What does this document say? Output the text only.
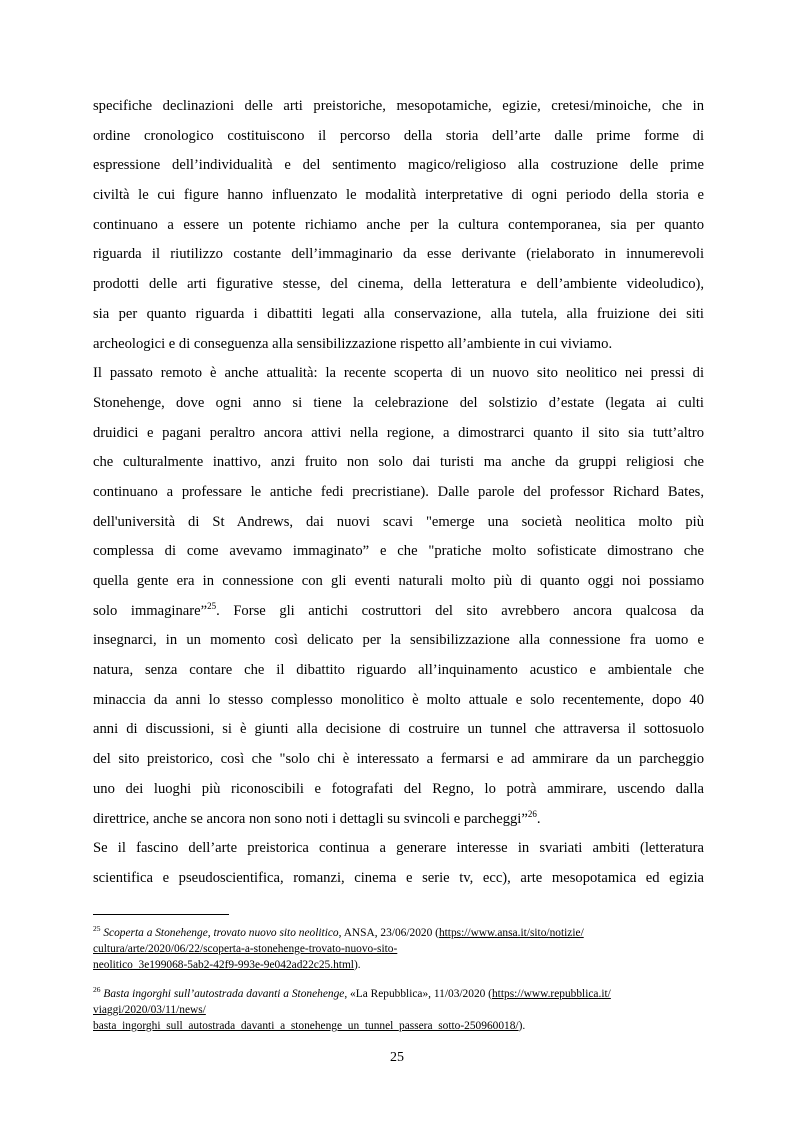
specifiche declinazioni delle arti preistoriche, mesopotamiche, egizie, cretesi/minoiche, che in
ordine cronologico costituiscono il percorso della storia dell’arte dalle prime forme di
espressione dell’individualità e del sentimento magico/religioso alla costruzione delle prime
civiltà le cui figure hanno influenzato le modalità interpretative di ogni periodo della storia e
continuano a essere un potente richiamo anche per la cultura contemporanea, sia per quanto
riguarda il riutilizzo costante dell’immaginario da esse derivante (rielaborato in innumerevoli
prodotti delle arti figurative stesse, del cinema, della letteratura e dell’ambiente videoludico),
sia per quanto riguarda i dibattiti legati alla conservazione, alla tutela, alla fruizione dei siti
archeologici e di conseguenza alla sensibilizzazione rispetto all’ambiente in cui viviamo.
Il passato remoto è anche attualità: la recente scoperta di un nuovo sito neolitico nei pressi di
Stonehenge, dove ogni anno si tiene la celebrazione del solstizio d’estate (legata ai culti
druidici e pagani peraltro ancora attivi nella regione, a dimostrarci quanto il sito sia tutt’altro
che culturalmente inattivo, anzi fruito non solo dai turisti ma anche da gruppi religiosi che
continuano a professare le antiche fedi precristiane). Dalle parole del professor Richard Bates,
dell'università di St Andrews, dai nuovi scavi "emerge una società neolitica molto più
complessa di come avevamo immaginato” e che "pratiche molto sofisticate dimostrano che
quella gente era in connessione con gli eventi naturali molto più di quanto oggi noi possiamo
solo immaginare”$^{25}$. Forse gli antichi costruttori del sito avrebbero ancora qualcosa da
insegnarci, in un momento così delicato per la sensibilizzazione alla connessione fra uomo e
natura, senza contare che il dibattito riguardo all’inquinamento acustico e ambientale che
minaccia da anni lo stesso complesso monolitico è molto attuale e solo recentemente, dopo 40
anni di discussioni, si è giunti alla decisione di costruire un tunnel che attraversa il sottosuolo
del sito preistorico, così che "solo chi è interessato a fermarsi e ad ammirare da un parcheggio
uno dei luoghi più riconoscibili e fotografati del Regno, lo potrà ammirare, uscendo dalla
direttrice, anche se ancora non sono noti i dettagli su svincoli e parcheggi”$^{26}$.
Se il fascino dell’arte preistorica continua a generare interesse in svariati ambiti (letteratura
scientifica e pseudoscientifica, romanzi, cinema e serie tv, ecc), arte mesopotamica ed egizia
$^{25}$ Scoperta a Stonehenge, trovato nuovo sito neolitico, ANSA, 23/06/2020 (https://www.ansa.it/sito/notizie/
cultura/arte/2020/06/22/scoperta-a-stonehenge-trovato-nuovo-sito-
neolitico_3e199068-5ab2-42f9-993e-9e042ad22c25.html).
$^{26}$ Basta ingorghi sull’autostrada davanti a Stonehenge, «La Repubblica», 11/03/2020 (https://www.repubblica.it/
viaggi/2020/03/11/news/
basta_ingorghi_sull_autostrada_davanti_a_stonehenge_un_tunnel_passera_sotto-250960018/).
25
